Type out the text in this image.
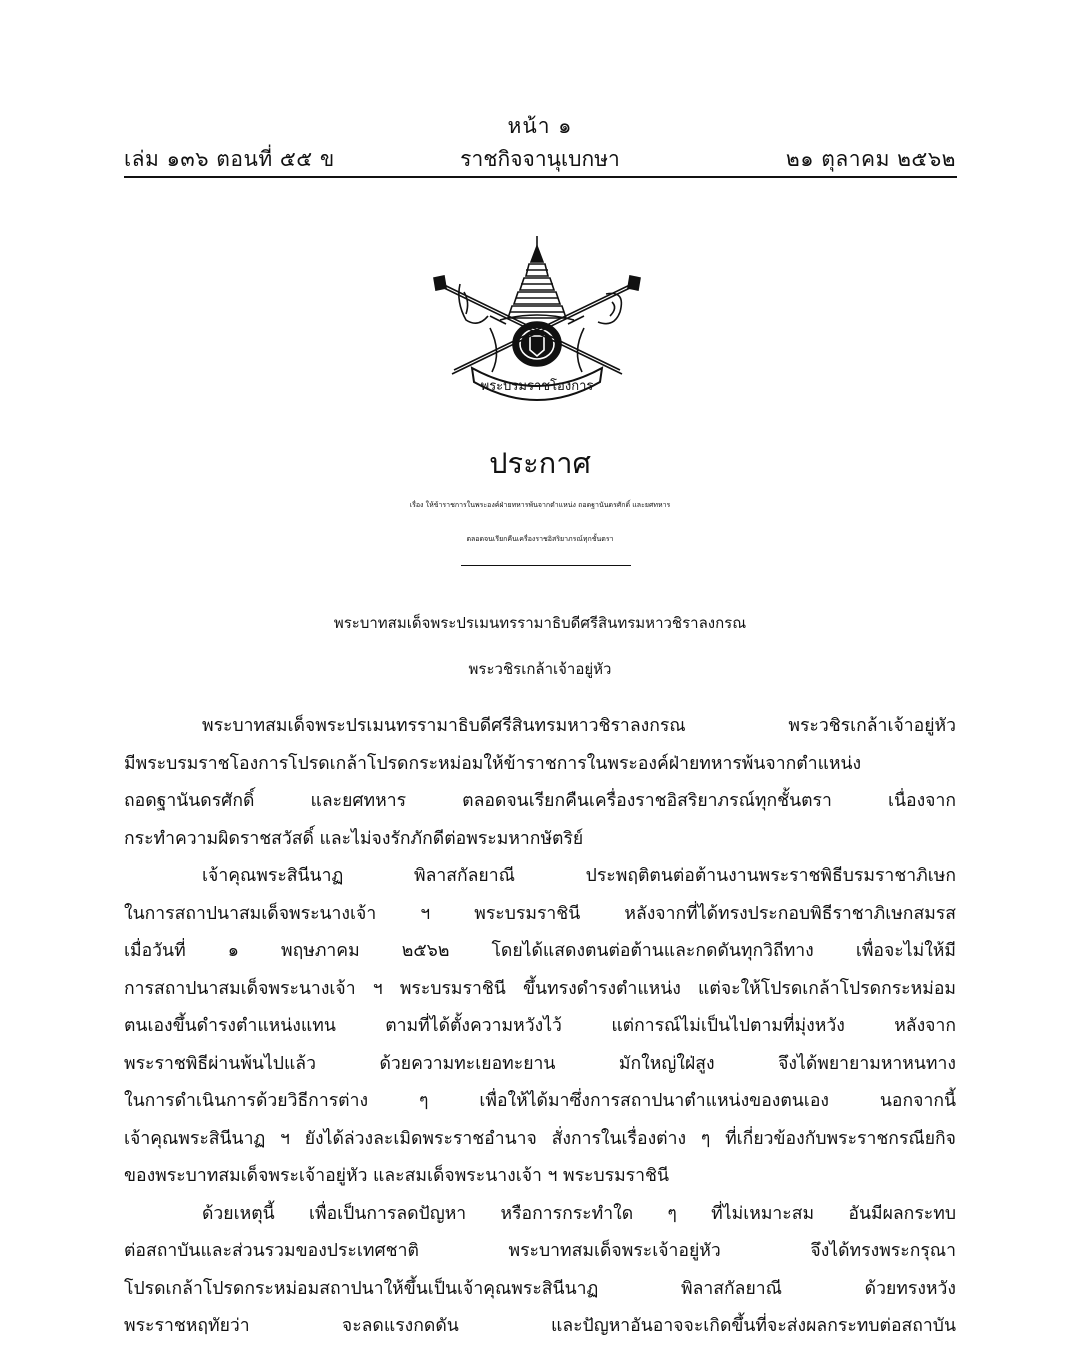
หน้า ๑
ราชกิจจานุเบกษา
เล่ม ๑๓๖ ตอนที่ ๕๕ ข	๒๑ ตุลาคม ๒๕๖๒
พระบรมราชโองการ
ประกาศ
เรื่อง ให้ข้าราชการในพระองค์ฝ่ายทหารพ้นจากตำแหน่ง ถอดฐานันดรศักดิ์ และยศทหาร
ตลอดจนเรียกคืนเครื่องราชอิสริยาภรณ์ทุกชั้นตรา
พระบาทสมเด็จพระปรเมนทรรามาธิบดีศรีสินทรมหาวชิราลงกรณ
พระวชิรเกล้าเจ้าอยู่หัว
พระบาทสมเด็จพระปรเมนทรรามาธิบดีศรีสินทรมหาวชิราลงกรณ พระวชิรเกล้าเจ้าอยู่หัว
มีพระบรมราชโองการโปรดเกล้าโปรดกระหม่อมให้ข้าราชการในพระองค์ฝ่ายทหารพ้นจากตำแหน่ง
ถอดฐานันดรศักดิ์ และยศทหาร ตลอดจนเรียกคืนเครื่องราชอิสริยาภรณ์ทุกชั้นตรา เนื่องจาก
กระทำความผิดราชสวัสดิ์ และไม่จงรักภักดีต่อพระมหากษัตริย์
เจ้าคุณพระสินีนาฏ พิลาสกัลยาณี ประพฤติตนต่อต้านงานพระราชพิธีบรมราชาภิเษก
ในการสถาปนาสมเด็จพระนางเจ้า ฯ พระบรมราชินี หลังจากที่ได้ทรงประกอบพิธีราชาภิเษกสมรส
เมื่อวันที่ ๑ พฤษภาคม ๒๕๖๒ โดยได้แสดงตนต่อต้านและกดดันทุกวิถีทาง เพื่อจะไม่ให้มี
การสถาปนาสมเด็จพระนางเจ้า ฯ พระบรมราชินี ขึ้นทรงดำรงตำแหน่ง แต่จะให้โปรดเกล้าโปรดกระหม่อม
ตนเองขึ้นดำรงตำแหน่งแทน ตามที่ได้ตั้งความหวังไว้ แต่การณ์ไม่เป็นไปตามที่มุ่งหวัง หลังจาก
พระราชพิธีผ่านพ้นไปแล้ว ด้วยความทะเยอทะยาน มักใหญ่ใฝ่สูง จึงได้พยายามหาหนทาง
ในการดำเนินการด้วยวิธีการต่าง ๆ เพื่อให้ได้มาซึ่งการสถาปนาตำแหน่งของตนเอง นอกจากนี้
เจ้าคุณพระสินีนาฏ ฯ ยังได้ล่วงละเมิดพระราชอำนาจ สั่งการในเรื่องต่าง ๆ ที่เกี่ยวข้องกับพระราชกรณียกิจ
ของพระบาทสมเด็จพระเจ้าอยู่หัว และสมเด็จพระนางเจ้า ฯ พระบรมราชินี
ด้วยเหตุนี้ เพื่อเป็นการลดปัญหา หรือการกระทำใด ๆ ที่ไม่เหมาะสม อันมีผลกระทบ
ต่อสถาบันและส่วนรวมของประเทศชาติ พระบาทสมเด็จพระเจ้าอยู่หัว จึงได้ทรงพระกรุณา
โปรดเกล้าโปรดกระหม่อมสถาปนาให้ขึ้นเป็นเจ้าคุณพระสินีนาฏ พิลาสกัลยาณี ด้วยทรงหวัง
พระราชหฤทัยว่า จะลดแรงกดดัน และปัญหาอันอาจจะเกิดขึ้นที่จะส่งผลกระทบต่อสถาบัน
